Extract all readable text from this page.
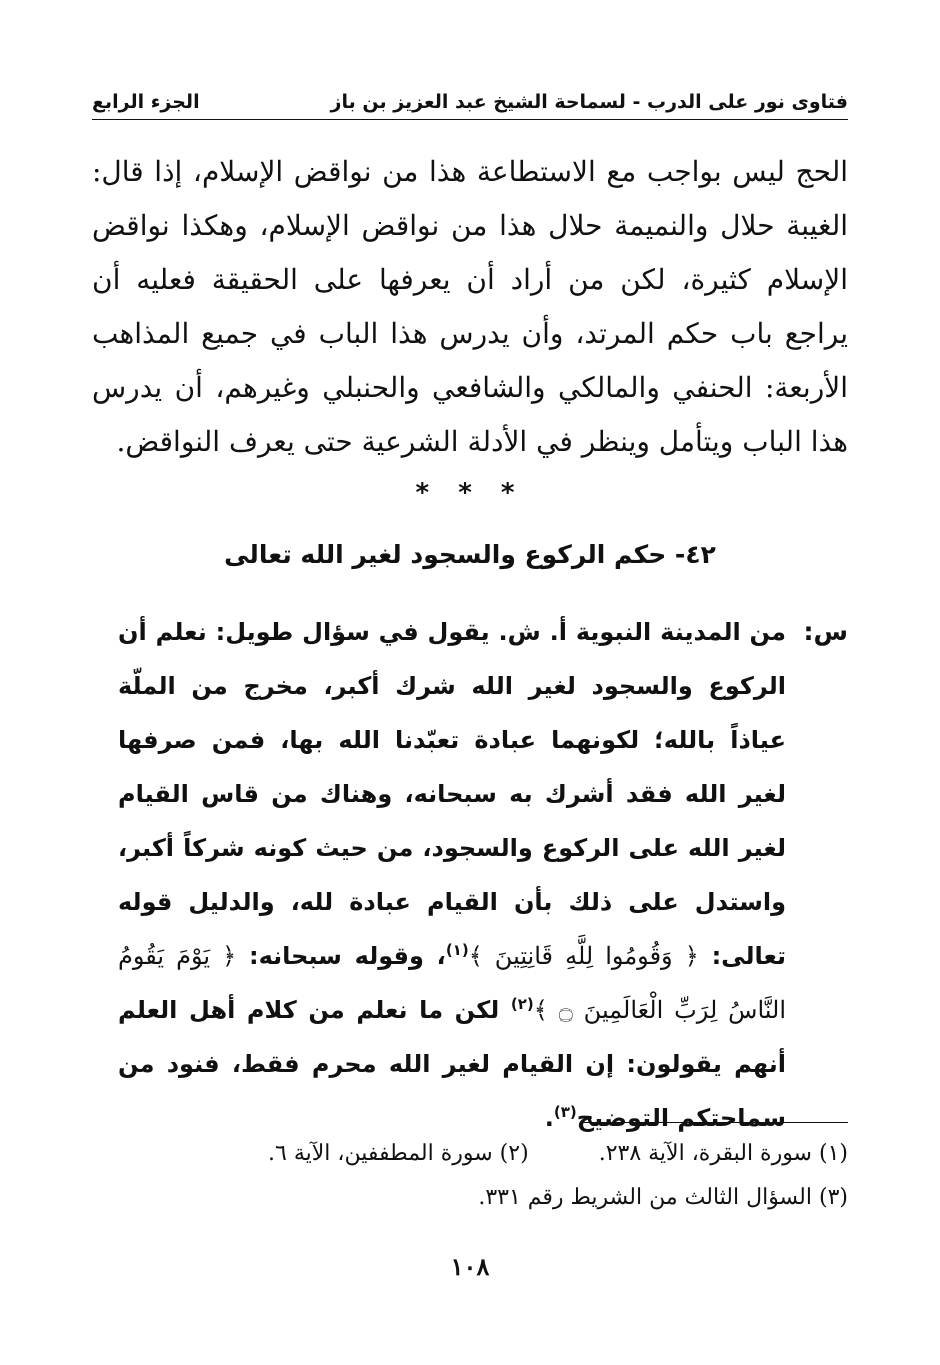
فتاوى نور على الدرب - لسماحة الشيخ عبد العزيز بن باز
الجزء الرابع

الحج ليس بواجب مع الاستطاعة هذا من نواقض الإسلام، إذا قال: الغيبة حلال والنميمة حلال هذا من نواقض الإسلام، وهكذا نواقض الإسلام كثيرة، لكن من أراد أن يعرفها على الحقيقة فعليه أن يراجع باب حكم المرتد، وأن يدرس هذا الباب في جميع المذاهب الأربعة: الحنفي والمالكي والشافعي والحنبلي وغيرهم، أن يدرس هذا الباب ويتأمل وينظر في الأدلة الشرعية حتى يعرف النواقض.

* * *
٤٢- حكم الركوع والسجود لغير الله تعالى
س:

من المدينة النبوية أ. ش. يقول في سؤال طويل: نعلم أن الركوع والسجود لغير الله شرك أكبر، مخرج من الملّة عياذاً بالله؛ لكونهما عبادة تعبّدنا الله بها، فمن صرفها لغير الله فقد أشرك به سبحانه، وهناك من قاس القيام لغير الله على الركوع والسجود، من حيث كونه شركاً أكبر، واستدل على ذلك بأن القيام عبادة لله، والدليل قوله تعالى: ﴿ وَقُومُوا لِلَّهِ قَانِتِينَ ﴾$^{(١)}$، وقوله سبحانه: ﴿ يَوْمَ يَقُومُ النَّاسُ لِرَبِّ الْعَالَمِينَ ۝ ﴾$^{(٢)}$ لكن ما نعلم من كلام أهل العلم أنهم يقولون: إن القيام لغير الله محرم فقط، فنود من سماحتكم التوضيح$^{(٣)}$.

(١) سورة البقرة، الآية ٢٣٨.
(٢) سورة المطففين، الآية ٦.
(٣) السؤال الثالث من الشريط رقم ٣٣١.
١٠٨
